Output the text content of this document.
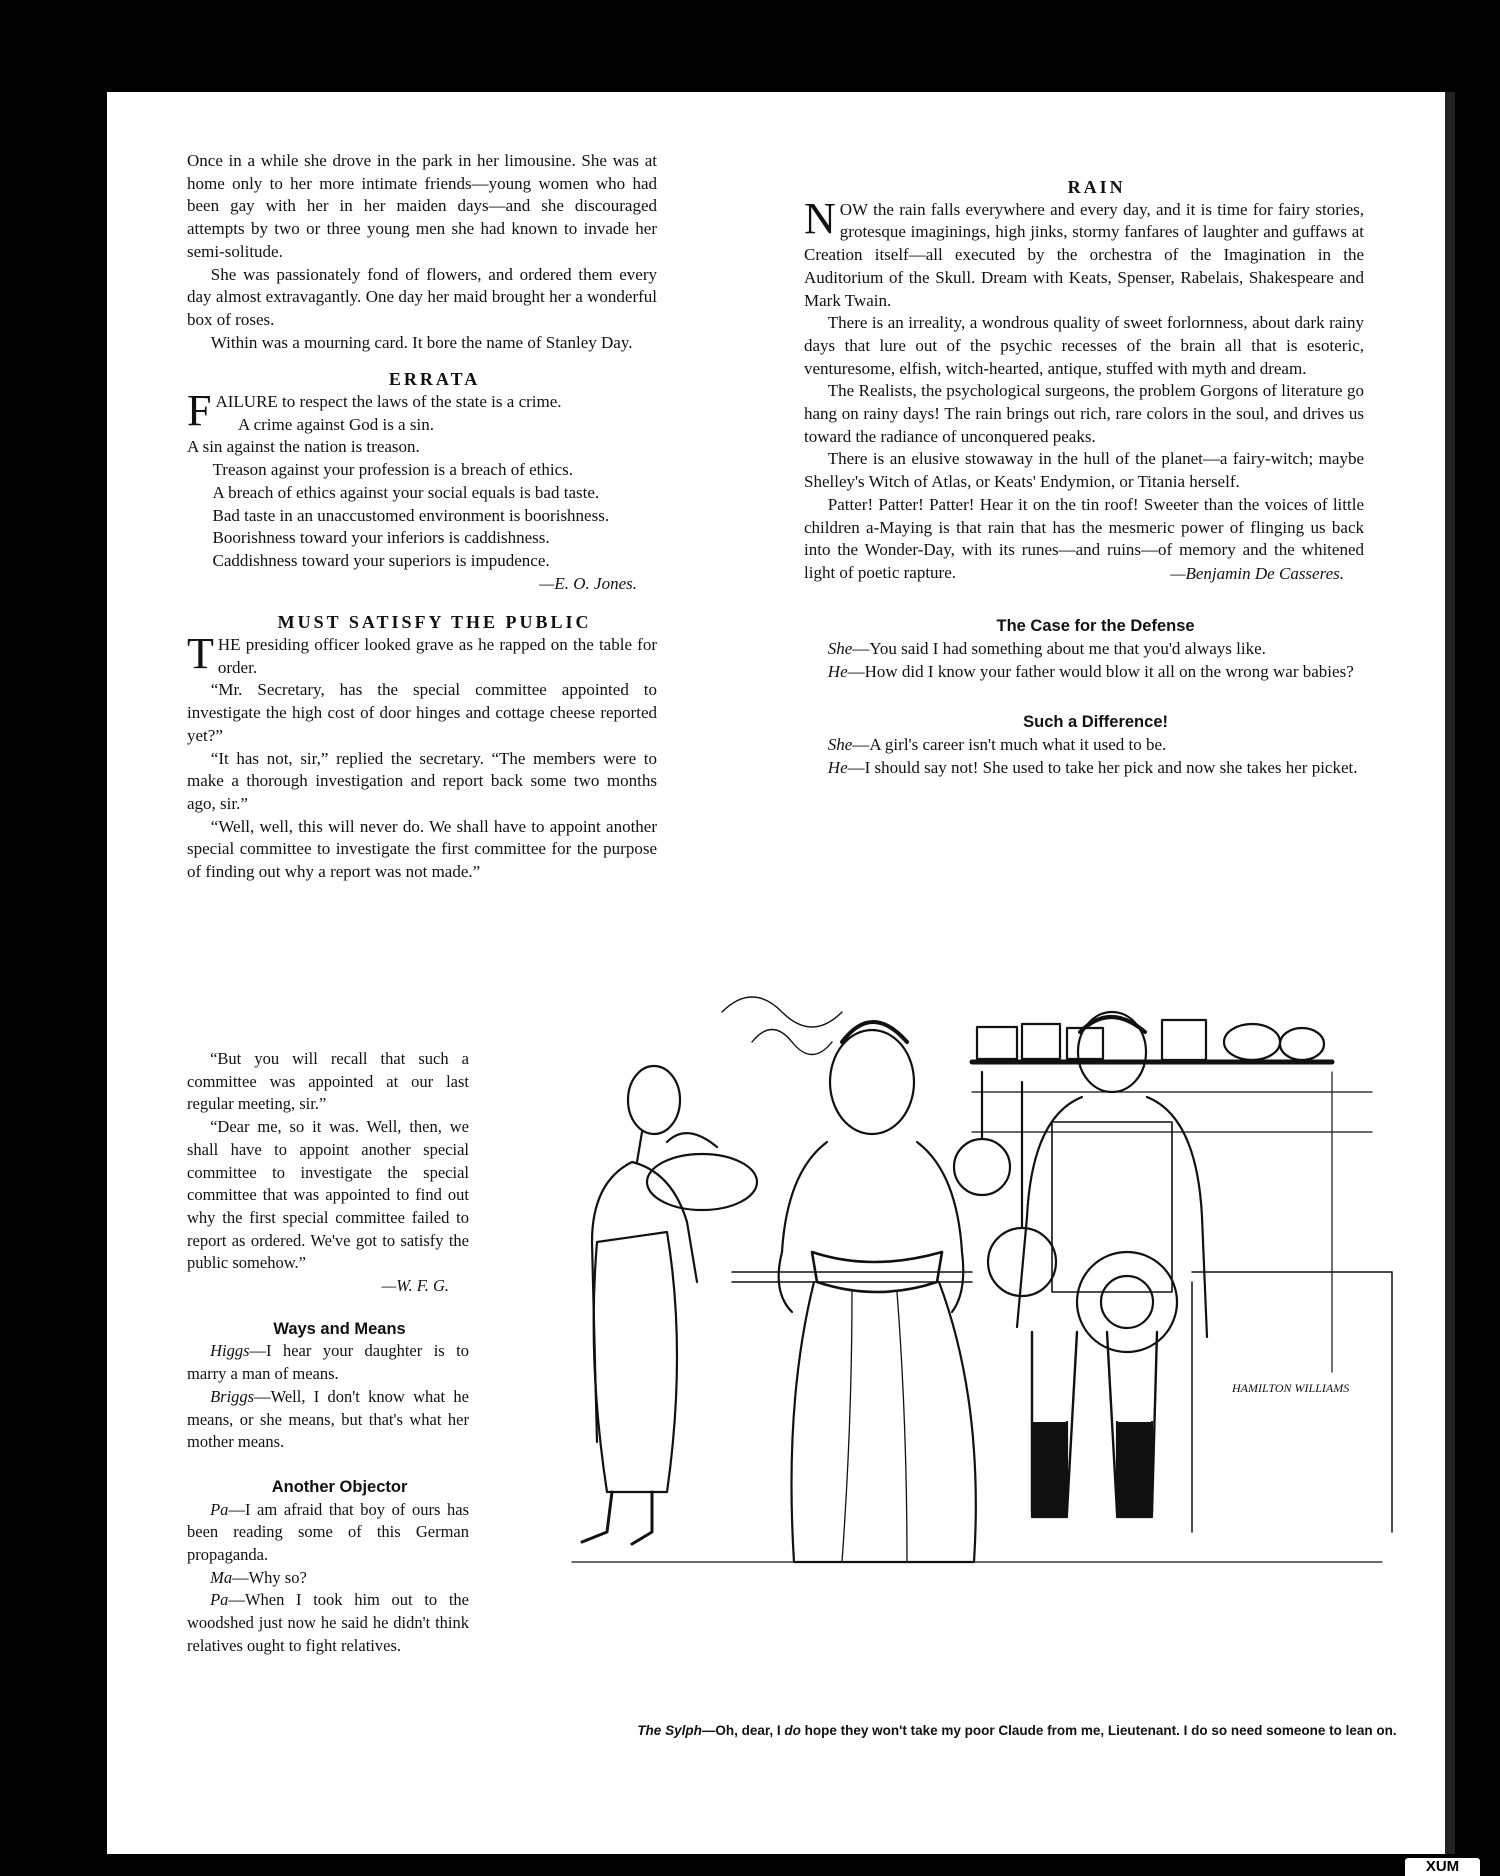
Once in a while she drove in the park in her limousine. She was at home only to her more intimate friends—young women who had been gay with her in her maiden days—and she discouraged attempts by two or three young men she had known to invade her semi-solitude.

She was passionately fond of flowers, and ordered them every day almost extravagantly. One day her maid brought her a wonderful box of roses.

Within was a mourning card. It bore the name of Stanley Day.

ERRATA

FAILURE to respect the laws of the state is a crime.

A crime against God is a sin.

A sin against the nation is treason.

Treason against your profession is a breach of ethics.

A breach of ethics against your social equals is bad taste.

Bad taste in an unaccustomed environment is boorishness.

Boorishness toward your inferiors is caddishness.

Caddishness toward your superiors is impudence.

—E. O. Jones.

MUST SATISFY THE PUBLIC

THE presiding officer looked grave as he rapped on the table for order.

“Mr. Secretary, has the special committee appointed to investigate the high cost of door hinges and cottage cheese reported yet?”

“It has not, sir,” replied the secretary. “The members were to make a thorough investigation and report back some two months ago, sir.”

“Well, well, this will never do. We shall have to appoint another special committee to investigate the first committee for the purpose of finding out why a report was not made.”

“But you will recall that such a committee was appointed at our last regular meeting, sir.”

“Dear me, so it was. Well, then, we shall have to appoint another special committee to investigate the special committee that was appointed to find out why the first special committee failed to report as ordered. We've got to satisfy the public somehow.”

—W. F. G.

Ways and Means

Higgs—I hear your daughter is to marry a man of means.

Briggs—Well, I don't know what he means, or she means, but that's what her mother means.

Another Objector

Pa—I am afraid that boy of ours has been reading some of this German propaganda.

Ma—Why so?

Pa—When I took him out to the woodshed just now he said he didn't think relatives ought to fight relatives.

RAIN

NOW the rain falls everywhere and every day, and it is time for fairy stories, grotesque imaginings, high jinks, stormy fanfares of laughter and guffaws at Creation itself—all executed by the orchestra of the Imagination in the Auditorium of the Skull. Dream with Keats, Spenser, Rabelais, Shakespeare and Mark Twain.

There is an irreality, a wondrous quality of sweet forlornness, about dark rainy days that lure out of the psychic recesses of the brain all that is esoteric, venturesome, elfish, witch-hearted, antique, stuffed with myth and dream.

The Realists, the psychological surgeons, the problem Gorgons of literature go hang on rainy days! The rain brings out rich, rare colors in the soul, and drives us toward the radiance of unconquered peaks.

There is an elusive stowaway in the hull of the planet—a fairy-witch; maybe Shelley's Witch of Atlas, or Keats' Endymion, or Titania herself.

Patter! Patter! Patter! Hear it on the tin roof! Sweeter than the voices of little children a-Maying is that rain that has the mesmeric power of flinging us back into the Wonder-Day, with its runes—and ruins—of memory and the whitened light of poetic rapture.	—Benjamin De Casseres.

The Case for the Defense

She—You said I had something about me that you'd always like.

He—How did I know your father would blow it all on the wrong war babies?

Such a Difference!

She—A girl's career isn't much what it used to be.

He—I should say not! She used to take her pick and now she takes her picket.

HAMILTON WILLIAMS
The Sylph—Oh, dear, I do hope they won't take my poor Claude from me, Lieutenant. I do so need someone to lean on.
comicbooks.com
XUM
